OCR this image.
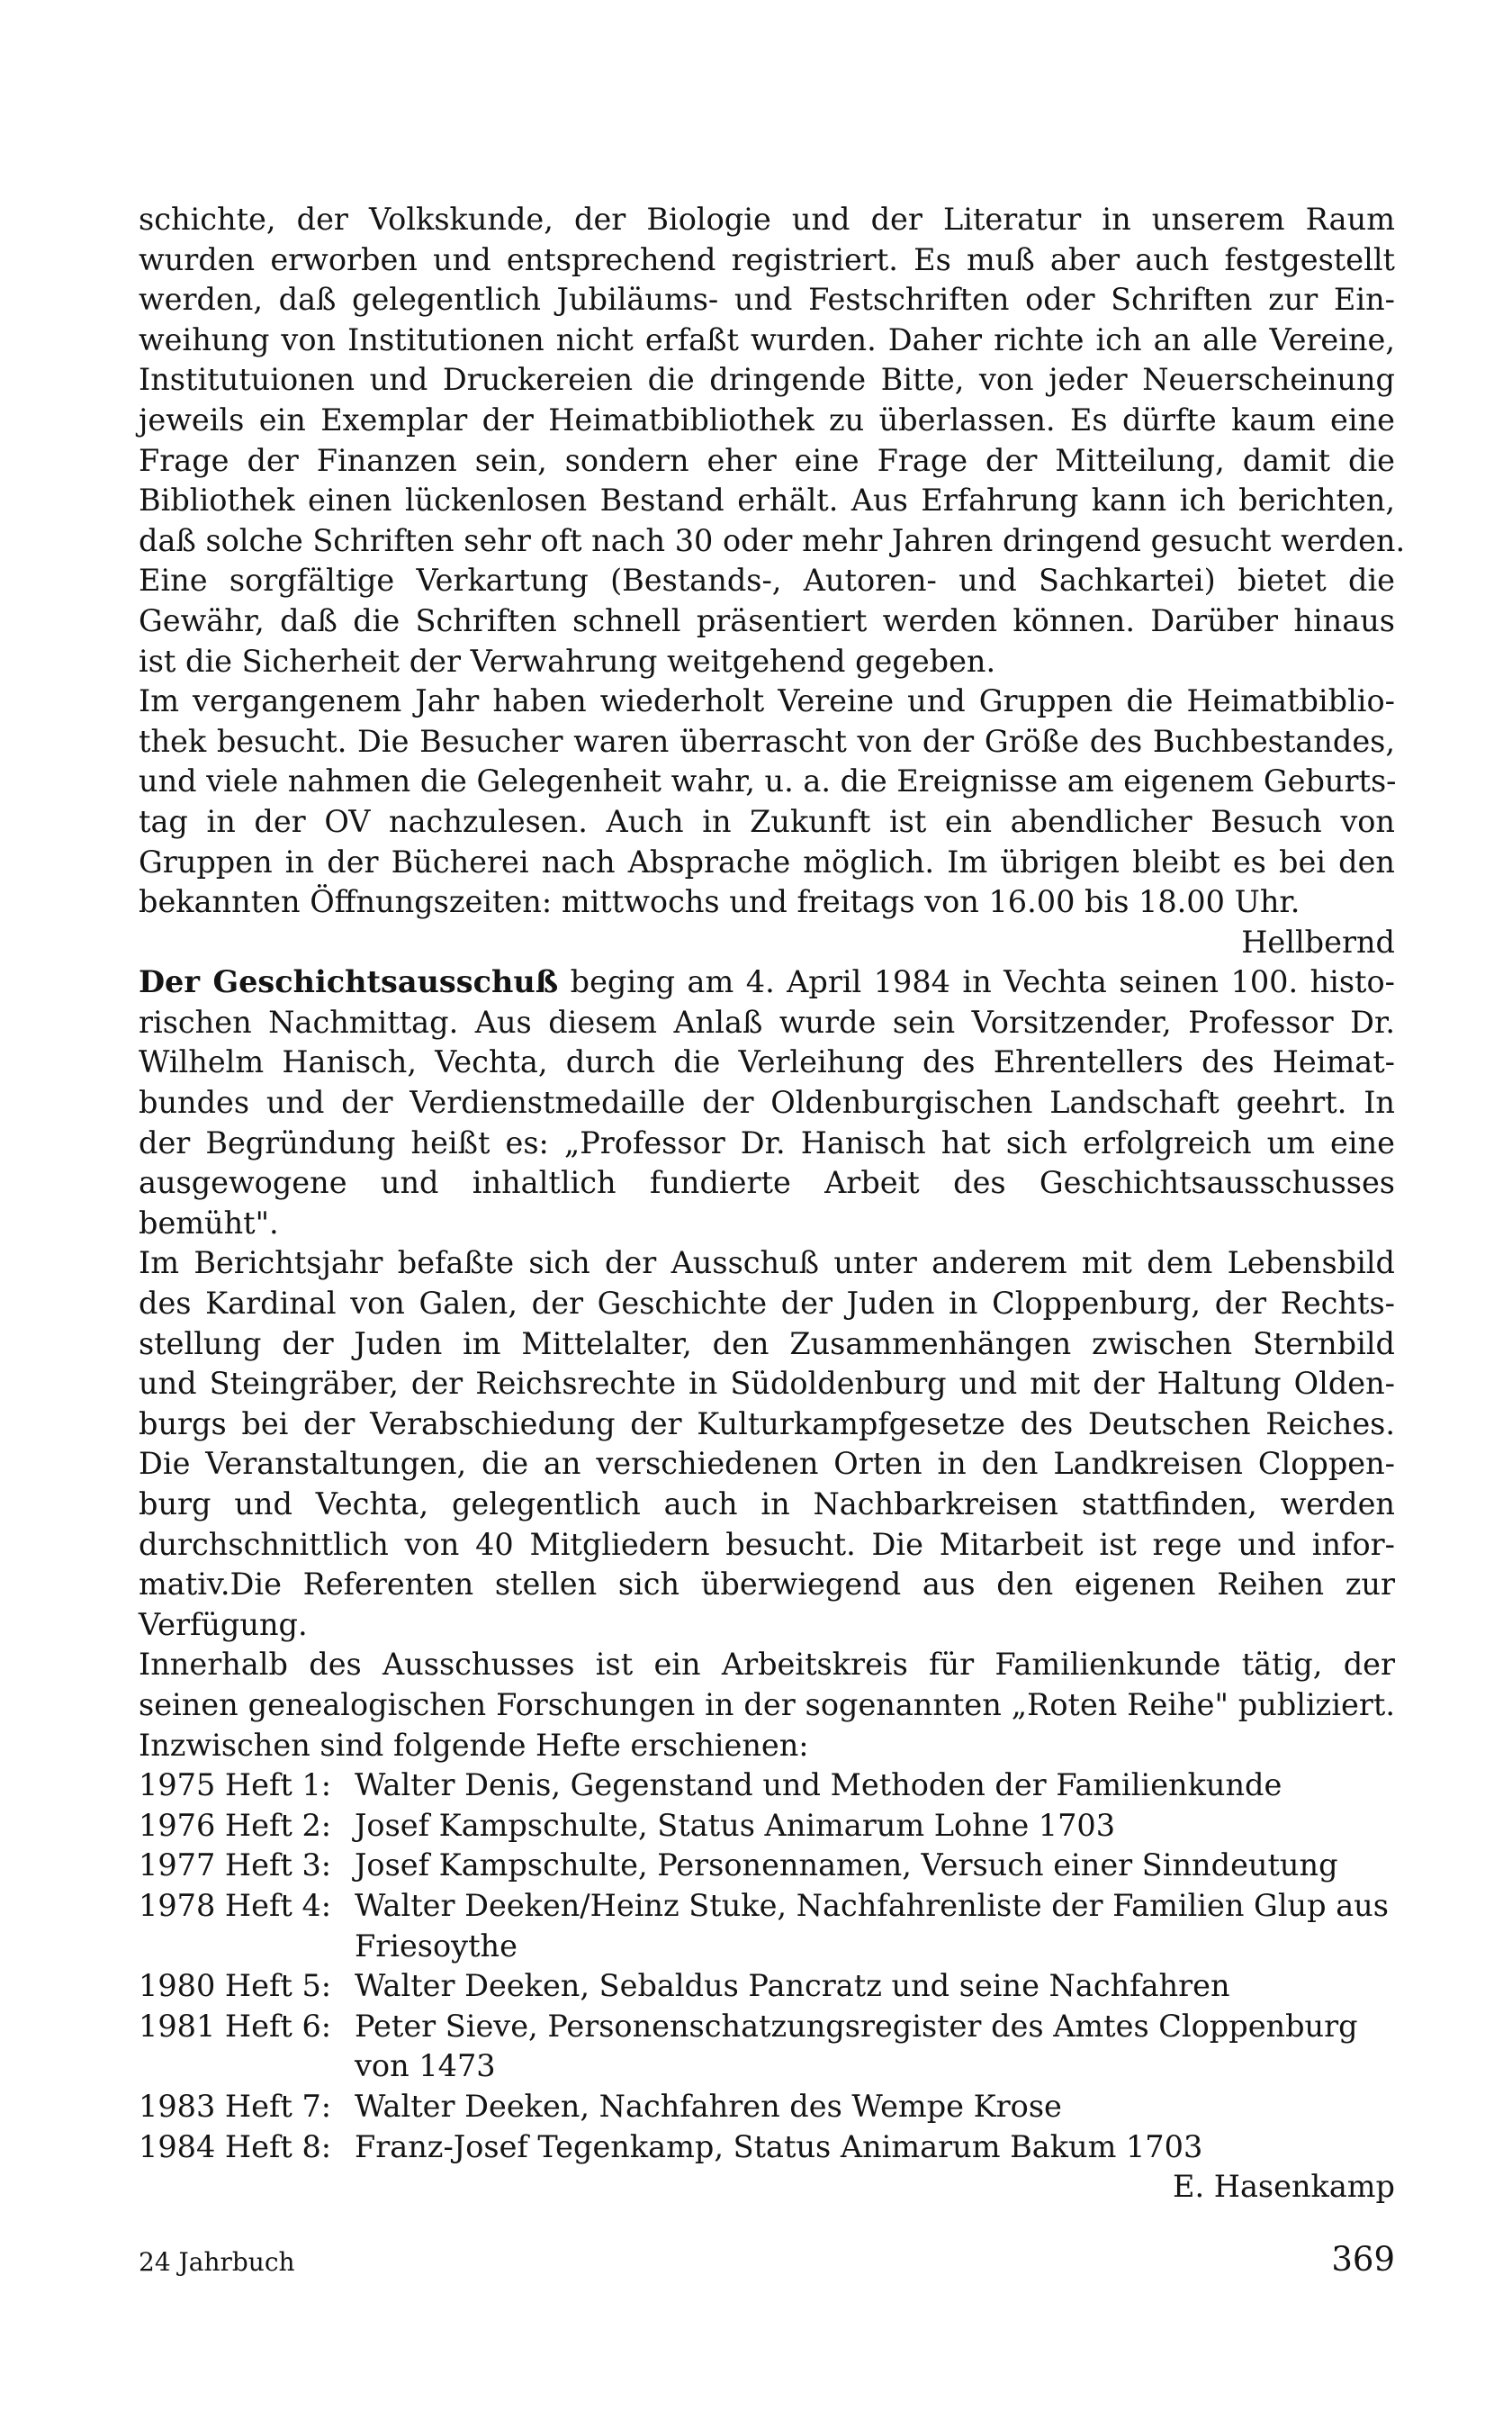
schichte, der Volkskunde, der Biologie und der Literatur in unserem Raum
wurden erworben und entsprechend registriert. Es muß aber auch festgestellt
werden, daß gelegentlich Jubiläums- und Festschriften oder Schriften zur Ein-
weihung von Institutionen nicht erfaßt wurden. Daher richte ich an alle Vereine,
Institutuionen und Druckereien die dringende Bitte, von jeder Neuerscheinung
jeweils ein Exemplar der Heimatbibliothek zu überlassen. Es dürfte kaum eine
Frage der Finanzen sein, sondern eher eine Frage der Mitteilung, damit die
Bibliothek einen lückenlosen Bestand erhält. Aus Erfahrung kann ich berichten,
daß solche Schriften sehr oft nach 30 oder mehr Jahren dringend gesucht werden.
Eine sorgfältige Verkartung (Bestands-, Autoren- und Sachkartei) bietet die
Gewähr, daß die Schriften schnell präsentiert werden können. Darüber hinaus
ist die Sicherheit der Verwahrung weitgehend gegeben.
Im vergangenem Jahr haben wiederholt Vereine und Gruppen die Heimatbiblio-
thek besucht. Die Besucher waren überrascht von der Größe des Buchbestandes,
und viele nahmen die Gelegenheit wahr, u. a. die Ereignisse am eigenem Geburts-
tag in der OV nachzulesen. Auch in Zukunft ist ein abendlicher Besuch von
Gruppen in der Bücherei nach Absprache möglich. Im übrigen bleibt es bei den
bekannten Öffnungszeiten: mittwochs und freitags von 16.00 bis 18.00 Uhr.
Hellbernd
Der Geschichtsausschuß beging am 4. April 1984 in Vechta seinen 100. histo-
rischen Nachmittag. Aus diesem Anlaß wurde sein Vorsitzender, Professor Dr.
Wilhelm Hanisch, Vechta, durch die Verleihung des Ehrentellers des Heimat-
bundes und der Verdienstmedaille der Oldenburgischen Landschaft geehrt. In
der Begründung heißt es: „Professor Dr. Hanisch hat sich erfolgreich um eine
ausgewogene und inhaltlich fundierte Arbeit des Geschichtsausschusses
bemüht".
Im Berichtsjahr befaßte sich der Ausschuß unter anderem mit dem Lebensbild
des Kardinal von Galen, der Geschichte der Juden in Cloppenburg, der Rechts-
stellung der Juden im Mittelalter, den Zusammenhängen zwischen Sternbild
und Steingräber, der Reichsrechte in Südoldenburg und mit der Haltung Olden-
burgs bei der Verabschiedung der Kulturkampfgesetze des Deutschen Reiches.
Die Veranstaltungen, die an verschiedenen Orten in den Landkreisen Cloppen-
burg und Vechta, gelegentlich auch in Nachbarkreisen stattfinden, werden
durchschnittlich von 40 Mitgliedern besucht. Die Mitarbeit ist rege und infor-
mativ.Die Referenten stellen sich überwiegend aus den eigenen Reihen zur
Verfügung.
Innerhalb des Ausschusses ist ein Arbeitskreis für Familienkunde tätig, der
seinen genealogischen Forschungen in der sogenannten „Roten Reihe" publiziert.
Inzwischen sind folgende Hefte erschienen:
1975 Heft 1: Walter Denis, Gegenstand und Methoden der Familienkunde
1976 Heft 2: Josef Kampschulte, Status Animarum Lohne 1703
1977 Heft 3: Josef Kampschulte, Personennamen, Versuch einer Sinndeutung
1978 Heft 4: Walter Deeken/Heinz Stuke, Nachfahrenliste der Familien Glup aus Friesoythe
1980 Heft 5: Walter Deeken, Sebaldus Pancratz und seine Nachfahren
1981 Heft 6: Peter Sieve, Personenschatzungsregister des Amtes Cloppenburg von 1473
1983 Heft 7: Walter Deeken, Nachfahren des Wempe Krose
1984 Heft 8: Franz-Josef Tegenkamp, Status Animarum Bakum 1703
E. Hasenkamp
24 Jahrbuch	369
